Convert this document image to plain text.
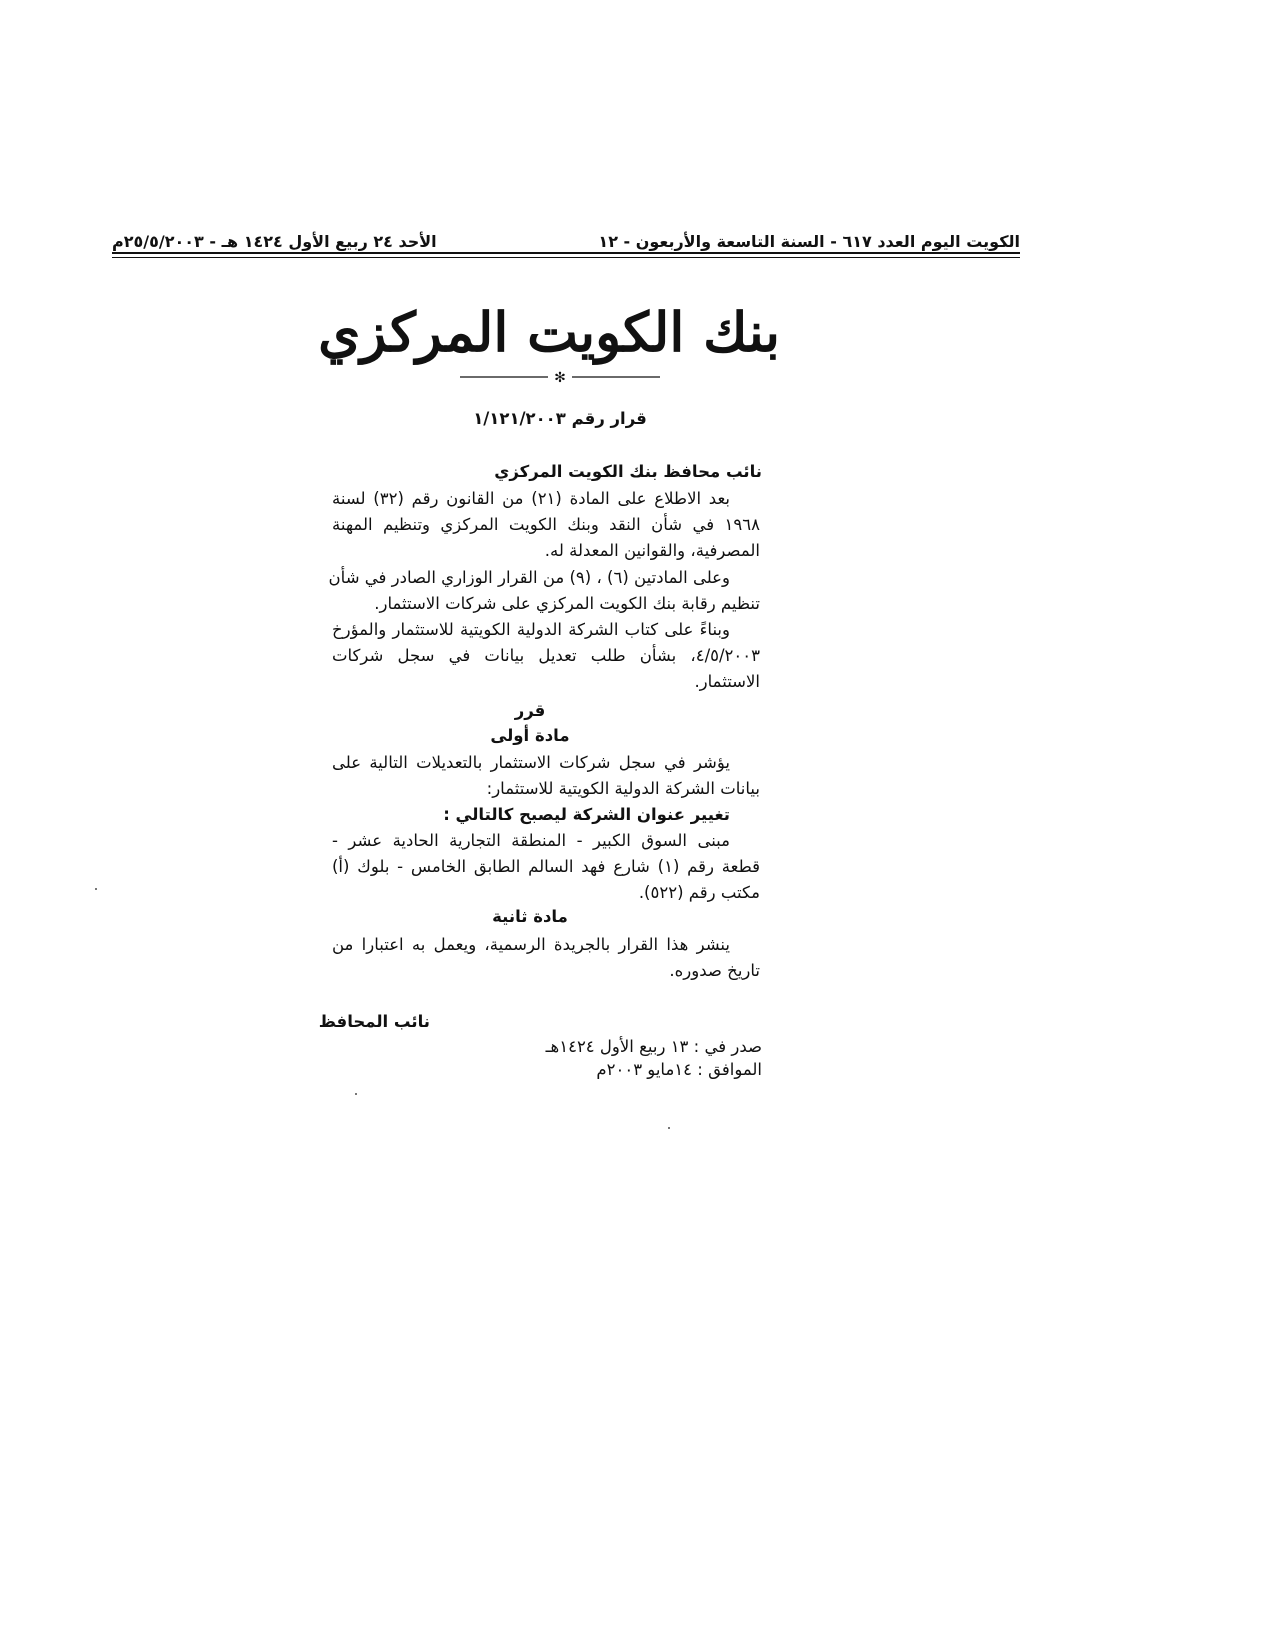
الكويت اليوم العدد ٦١٧ - السنة التاسعة والأربعون - ١٢
الأحد ٢٤ ربيع الأول ١٤٢٤ هـ - ٢٥/٥/٢٠٠٣م
بنك الكويت المركزي
✻
قرار رقم ١/١٢١/٢٠٠٣
نائب محافظ بنك الكويت المركزي
بعد الاطلاع على المادة (٢١) من القانون رقم (٣٢) لسنة
١٩٦٨ في شأن النقد وبنك الكويت المركزي وتنظيم المهنة
المصرفية، والقوانين المعدلة له.
وعلى المادتين (٦) ، (٩) من القرار الوزاري الصادر في شأن
تنظيم رقابة بنك الكويت المركزي على شركات الاستثمار.
وبناءً على كتاب الشركة الدولية الكويتية للاستثمار والمؤرخ
٤/٥/٢٠٠٣، بشأن طلب تعديل بيانات في سجل شركات
الاستثمار.
قرر
مادة أولى
يؤشر في سجل شركات الاستثمار بالتعديلات التالية على
بيانات الشركة الدولية الكويتية للاستثمار:
تغيير عنوان الشركة ليصبح كالتالي :
مبنى السوق الكبير - المنطقة التجارية الحادية عشر -
قطعة رقم (١) شارع فهد السالم الطابق الخامس - بلوك (أ)
مكتب رقم (٥٢٢).
مادة ثانية
ينشر هذا القرار بالجريدة الرسمية، ويعمل به اعتبارا من
تاريخ صدوره.
نائب المحافظ
صدر في : ١٣ ربيع الأول ١٤٢٤هـ
الموافق : ١٤مايو ٢٠٠٣م
